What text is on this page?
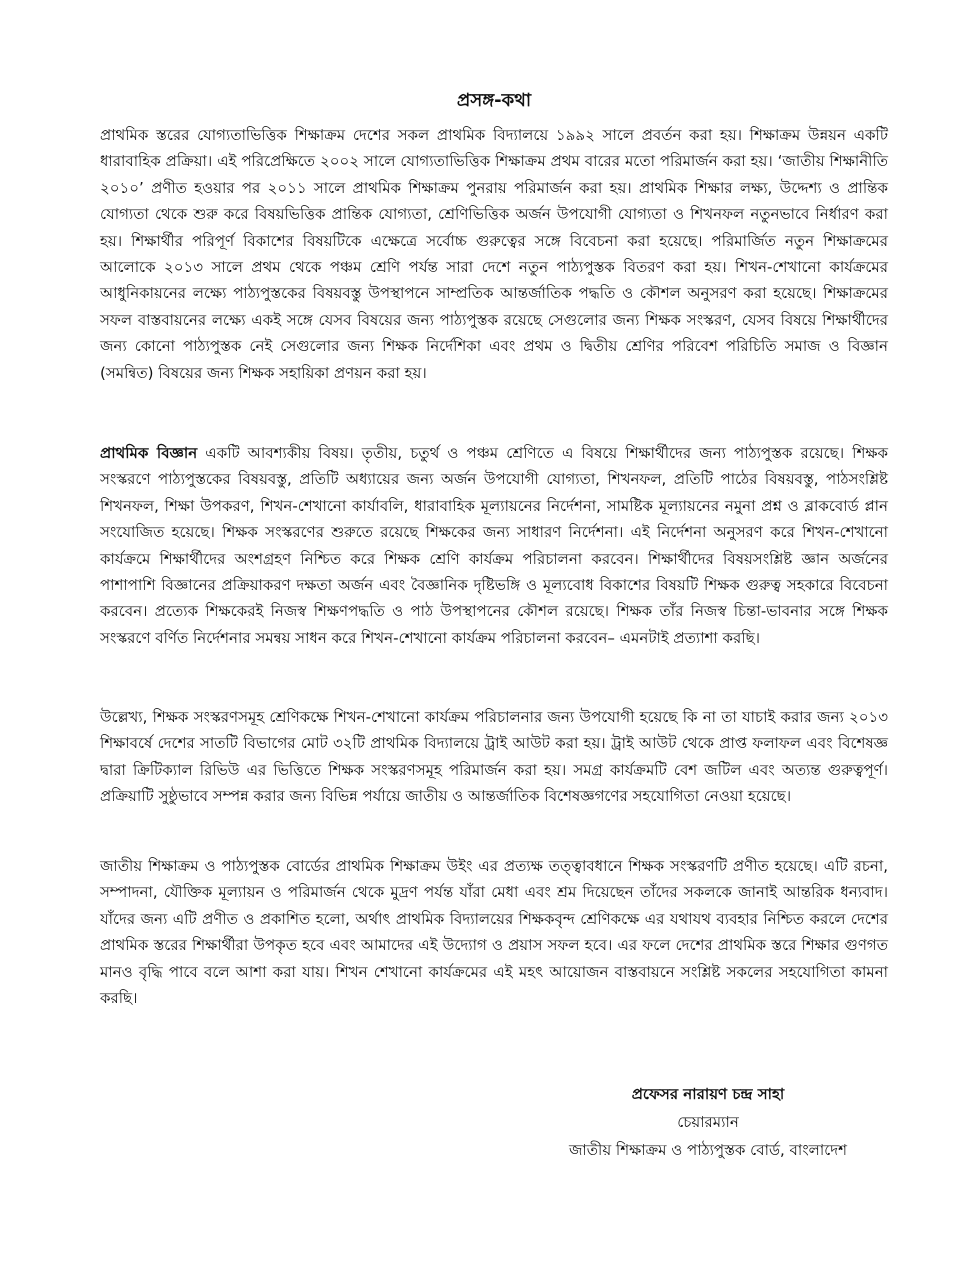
প্রসঙ্গ-কথা

প্রাথমিক স্তরের যোগ্যতাভিত্তিক শিক্ষাক্রম দেশের সকল প্রাথমিক বিদ্যালয়ে ১৯৯২ সালে প্রবর্তন করা হয়। শিক্ষাক্রম উন্নয়ন একটি ধারাবাহিক প্রক্রিয়া। এই পরিপ্রেক্ষিতে ২০০২ সালে যোগ্যতাভিত্তিক শিক্ষাক্রম প্রথম বারের মতো পরিমার্জন করা হয়। ‘জাতীয় শিক্ষানীতি ২০১০’ প্রণীত হওয়ার পর ২০১১ সালে প্রাথমিক শিক্ষাক্রম পুনরায় পরিমার্জন করা হয়। প্রাথমিক শিক্ষার লক্ষ্য, উদ্দেশ্য ও প্রান্তিক যোগ্যতা থেকে শুরু করে বিষয়ভিত্তিক প্রান্তিক যোগ্যতা, শ্রেণিভিত্তিক অর্জন উপযোগী যোগ্যতা ও শিখনফল নতুনভাবে নির্ধারণ করা হয়। শিক্ষার্থীর পরিপূর্ণ বিকাশের বিষয়টিকে এক্ষেত্রে সর্বোচ্চ গুরুত্বের সঙ্গে বিবেচনা করা হয়েছে। পরিমার্জিত নতুন শিক্ষাক্রমের আলোকে ২০১৩ সালে প্রথম থেকে পঞ্চম শ্রেণি পর্যন্ত সারা দেশে নতুন পাঠ্যপুস্তক বিতরণ করা হয়। শিখন-শেখানো কার্যক্রমের আধুনিকায়নের লক্ষ্যে পাঠ্যপুস্তকের বিষয়বস্তু উপস্থাপনে সাম্প্রতিক আন্তর্জাতিক পদ্ধতি ও কৌশল অনুসরণ করা হয়েছে। শিক্ষাক্রমের সফল বাস্তবায়নের লক্ষ্যে একই সঙ্গে যেসব বিষয়ের জন্য পাঠ্যপুস্তক রয়েছে সেগুলোর জন্য শিক্ষক সংস্করণ, যেসব বিষয়ে শিক্ষার্থীদের জন্য কোনো পাঠ্যপুস্তক নেই সেগুলোর জন্য শিক্ষক নির্দেশিকা এবং প্রথম ও দ্বিতীয় শ্রেণির পরিবেশ পরিচিতি সমাজ ও বিজ্ঞান (সমন্বিত) বিষয়ের জন্য শিক্ষক সহায়িকা প্রণয়ন করা হয়।

প্রাথমিক বিজ্ঞান একটি আবশ্যকীয় বিষয়। তৃতীয়, চতুর্থ ও পঞ্চম শ্রেণিতে এ বিষয়ে শিক্ষার্থীদের জন্য পাঠ্যপুস্তক রয়েছে। শিক্ষক সংস্করণে পাঠ্যপুস্তকের বিষয়বস্তু, প্রতিটি অধ্যায়ের জন্য অর্জন উপযোগী যোগ্যতা, শিখনফল, প্রতিটি পাঠের বিষয়বস্তু, পাঠসংশ্লিষ্ট শিখনফল, শিক্ষা উপকরণ, শিখন-শেখানো কার্যাবলি, ধারাবাহিক মূল্যায়নের নির্দেশনা, সামষ্টিক মূল্যায়নের নমুনা প্রশ্ন ও ব্লাকবোর্ড প্লান সংযোজিত হয়েছে। শিক্ষক সংস্করণের শুরুতে রয়েছে শিক্ষকের জন্য সাধারণ নির্দেশনা। এই নির্দেশনা অনুসরণ করে শিখন-শেখানো কার্যক্রমে শিক্ষার্থীদের অংশগ্রহণ নিশ্চিত করে শিক্ষক শ্রেণি কার্যক্রম পরিচালনা করবেন। শিক্ষার্থীদের বিষয়সংশ্লিষ্ট জ্ঞান অর্জনের পাশাপাশি বিজ্ঞানের প্রক্রিয়াকরণ দক্ষতা অর্জন এবং বৈজ্ঞানিক দৃষ্টিভঙ্গি ও মূল্যবোধ বিকাশের বিষয়টি শিক্ষক গুরুত্ব সহকারে বিবেচনা করবেন। প্রত্যেক শিক্ষকেরই নিজস্ব শিক্ষণপদ্ধতি ও পাঠ উপস্থাপনের কৌশল রয়েছে। শিক্ষক তাঁর নিজস্ব চিন্তা-ভাবনার সঙ্গে শিক্ষক সংস্করণে বর্ণিত নির্দেশনার সমন্বয় সাধন করে শিখন-শেখানো কার্যক্রম পরিচালনা করবেন– এমনটাই প্রত্যাশা করছি।

উল্লেখ্য, শিক্ষক সংস্করণসমূহ শ্রেণিকক্ষে শিখন-শেখানো কার্যক্রম পরিচালনার জন্য উপযোগী হয়েছে কি না তা যাচাই করার জন্য ২০১৩ শিক্ষাবর্ষে দেশের সাতটি বিভাগের মোট ৩২টি প্রাথমিক বিদ্যালয়ে ট্রাই আউট করা হয়। ট্রাই আউট থেকে প্রাপ্ত ফলাফল এবং বিশেষজ্ঞ দ্বারা ক্রিটিক্যাল রিভিউ এর ভিত্তিতে শিক্ষক সংস্করণসমূহ পরিমার্জন করা হয়। সমগ্র কার্যক্রমটি বেশ জটিল এবং অত্যন্ত গুরুত্বপূর্ণ। প্রক্রিয়াটি সুষ্ঠুভাবে সম্পন্ন করার জন্য বিভিন্ন পর্যায়ে জাতীয় ও আন্তর্জাতিক বিশেষজ্ঞগণের সহযোগিতা নেওয়া হয়েছে।

জাতীয় শিক্ষাক্রম ও পাঠ্যপুস্তক বোর্ডের প্রাথমিক শিক্ষাক্রম উইং এর প্রত্যক্ষ তত্ত্বাবধানে শিক্ষক সংস্করণটি প্রণীত হয়েছে। এটি রচনা, সম্পাদনা, যৌক্তিক মূল্যায়ন ও পরিমার্জন থেকে মুদ্রণ পর্যন্ত যাঁরা মেধা এবং শ্রম দিয়েছেন তাঁদের সকলকে জানাই আন্তরিক ধন্যবাদ। যাঁদের জন্য এটি প্রণীত ও প্রকাশিত হলো, অর্থাৎ প্রাথমিক বিদ্যালয়ের শিক্ষকবৃন্দ শ্রেণিকক্ষে এর যথাযথ ব্যবহার নিশ্চিত করলে দেশের প্রাথমিক স্তরের শিক্ষার্থীরা উপকৃত হবে এবং আমাদের এই উদ্যোগ ও প্রয়াস সফল হবে। এর ফলে দেশের প্রাথমিক স্তরে শিক্ষার গুণগত মানও বৃদ্ধি পাবে বলে আশা করা যায়। শিখন শেখানো কার্যক্রমের এই মহৎ আয়োজন বাস্তবায়নে সংশ্লিষ্ট সকলের সহযোগিতা কামনা করছি।

প্রফেসর নারায়ণ চন্দ্র সাহা
চেয়ারম্যান
জাতীয় শিক্ষাক্রম ও পাঠ্যপুস্তক বোর্ড, বাংলাদেশ
